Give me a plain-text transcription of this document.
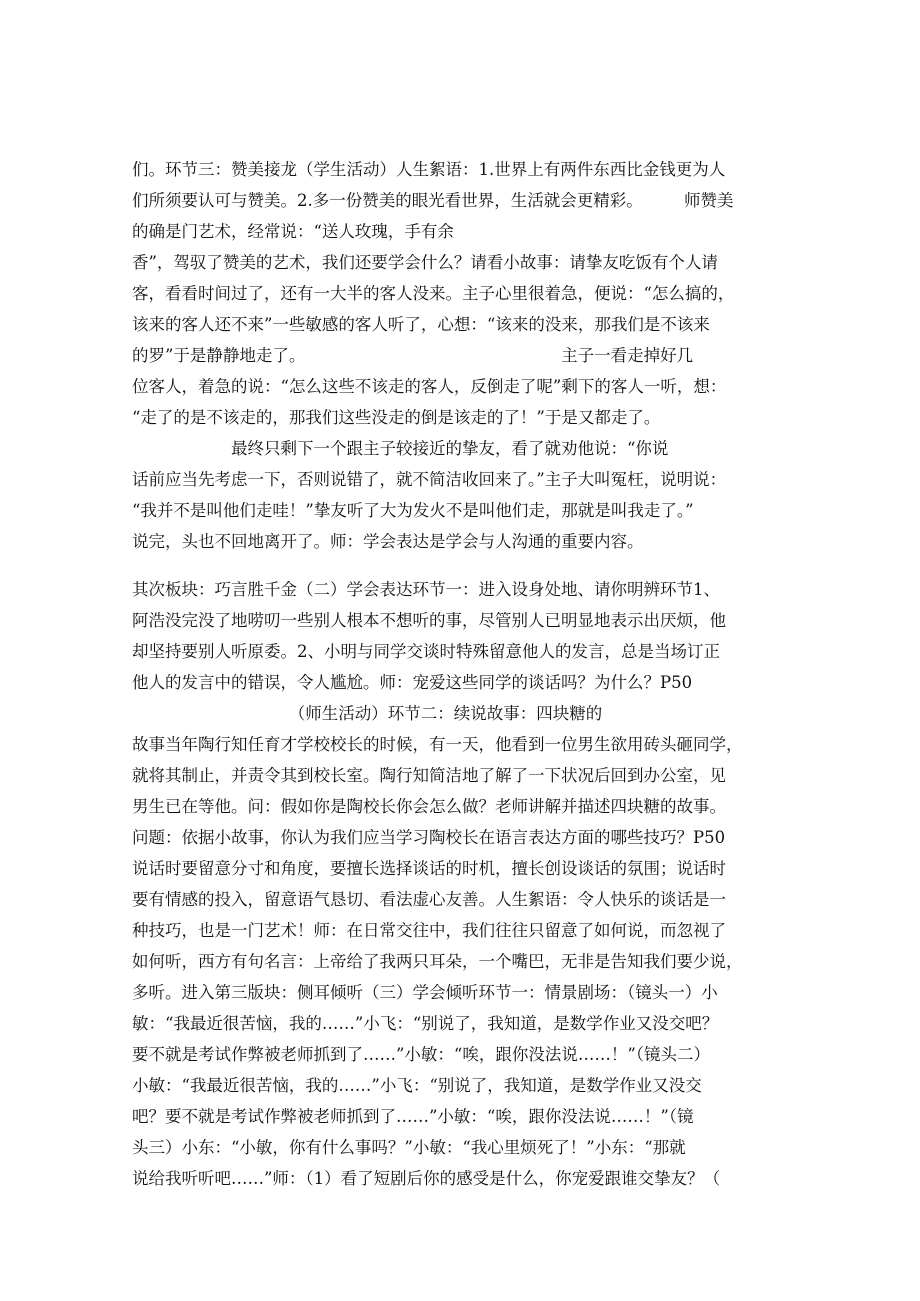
们。环节三：赞美接龙（学生活动）人生絮语：1.世界上有两件东西比金钱更为人
们所须要认可与赞美。2.多一份赞美的眼光看世界，生活就会更精彩。　　　师赞美
的确是门艺术，经常说：“送人玫瑰，手有余
香”，驾驭了赞美的艺术，我们还要学会什么？请看小故事：请挚友吃饭有个人请
客，看看时间过了，还有一大半的客人没来。主子心里很着急，便说：“怎么搞的，
该来的客人还不来”一些敏感的客人听了，心想：“该来的没来，那我们是不该来
的罗”于是静静地走了。　　　　　　　　　　　　　　　　主子一看走掉好几
位客人，着急的说：“怎么这些不该走的客人，反倒走了呢”剩下的客人一听，想：
“走了的是不该走的，那我们这些没走的倒是该走的了！”于是又都走了。
　　　　　　最终只剩下一个跟主子较接近的挚友，看了就劝他说：“你说
话前应当先考虑一下，否则说错了，就不简洁收回来了。”主子大叫冤枉，说明说：
“我并不是叫他们走哇！”挚友听了大为发火不是叫他们走，那就是叫我走了。”
说完，头也不回地离开了。师：学会表达是学会与人沟通的重要内容。
其次板块：巧言胜千金（二）学会表达环节一：进入设身处地、请你明辨环节1、
阿浩没完没了地唠叨一些别人根本不想听的事，尽管别人已明显地表示出厌烦，他
却坚持要别人听原委。2、小明与同学交谈时特殊留意他人的发言，总是当场订正
他人的发言中的错误，令人尴尬。师：宠爱这些同学的谈话吗？为什么？P50
　　　　　　　　　　（师生活动）环节二：续说故事：四块糖的
故事当年陶行知任育才学校校长的时候，有一天，他看到一位男生欲用砖头砸同学，
就将其制止，并责令其到校长室。陶行知简洁地了解了一下状况后回到办公室，见
男生已在等他。问：假如你是陶校长你会怎么做？老师讲解并描述四块糖的故事。
问题：依据小故事，你认为我们应当学习陶校长在语言表达方面的哪些技巧？P50
说话时要留意分寸和角度，要擅长选择谈话的时机，擅长创设谈话的氛围；说话时
要有情感的投入，留意语气恳切、看法虚心友善。人生絮语：令人快乐的谈话是一
种技巧，也是一门艺术！师：在日常交往中，我们往往只留意了如何说，而忽视了
如何听，西方有句名言：上帝给了我两只耳朵，一个嘴巴，无非是告知我们要少说，
多听。进入第三版块：侧耳倾听（三）学会倾听环节一：情景剧场：（镜头一）小
敏：“我最近很苦恼，我的……”小飞：“别说了，我知道，是数学作业又没交吧？
要不就是考试作弊被老师抓到了……”小敏：“唉，跟你没法说……！”（镜头二）
小敏：“我最近很苦恼，我的……”小飞：“别说了，我知道，是数学作业又没交
吧？要不就是考试作弊被老师抓到了……”小敏：“唉，跟你没法说……！”（镜
头三）小东：“小敏，你有什么事吗？”小敏：“我心里烦死了！”小东：“那就
说给我听听吧……”师：（1）看了短剧后你的感受是什么，你宠爱跟谁交挚友？（
